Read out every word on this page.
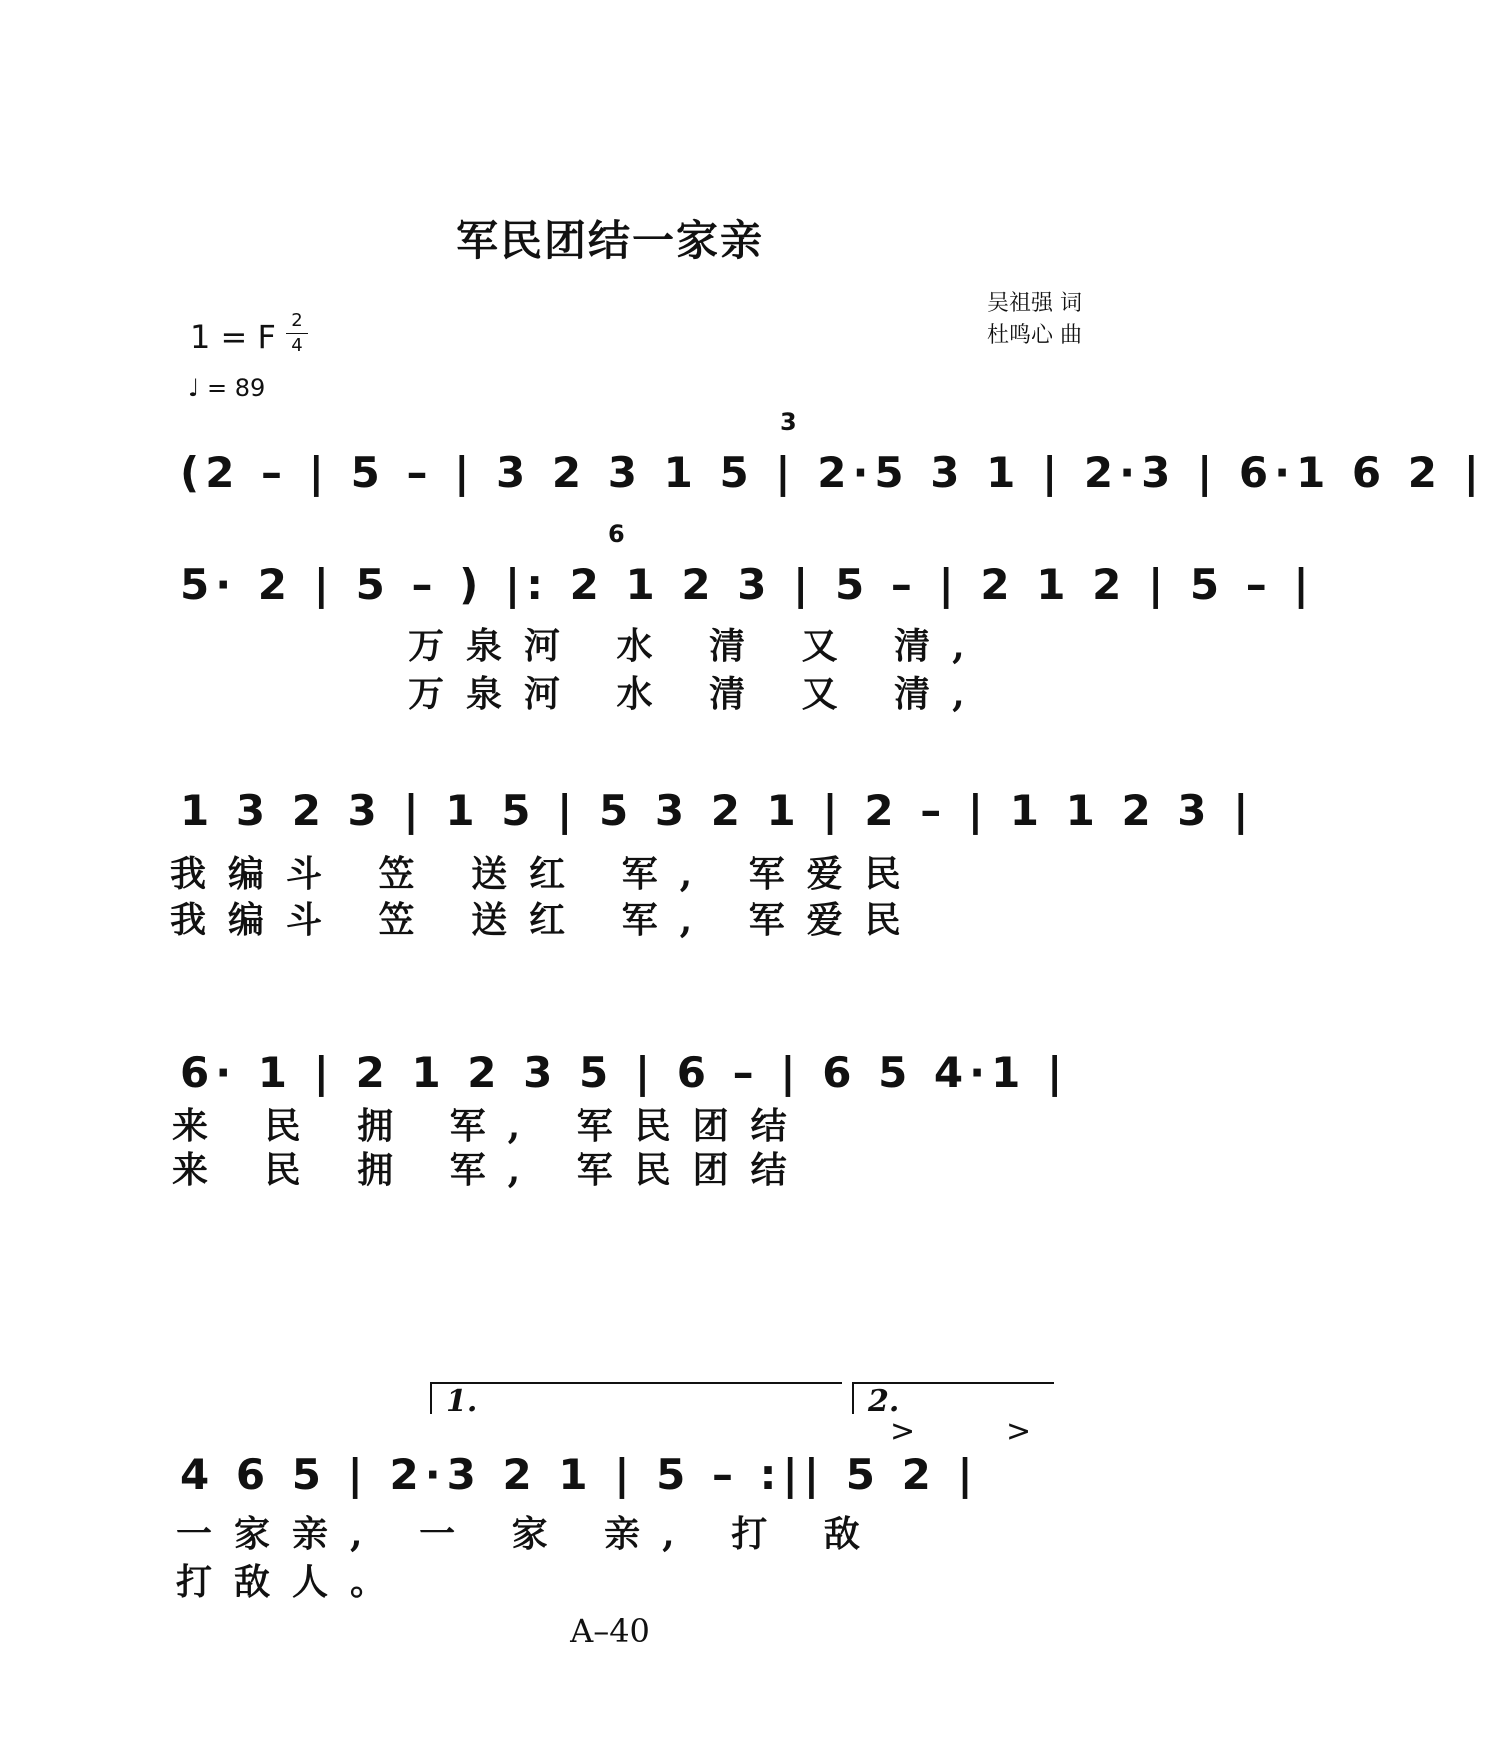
军民团结一家亲
1 = F 2
4
♩ = 89
吴祖强 词
杜鸣心 曲
(2 – | 5 – | 3 2 3 1 5 | 2·5 3 1 | 2·3 | 6·1 6 2 |
3
5· 2 | 5 – ) |: 2 1 2 3 | 5 – | 2 1 2 | 5 – |
6
万泉河 水 清 又 清,
万泉河 水 清 又 清,
1 3 2 3 | 1 5 | 5 3 2 1 | 2 – | 1 1 2 3 |
我编斗 笠 送红 军, 军爱民
我编斗 笠 送红 军, 军爱民
6· 1 | 2 1 2 3 5 | 6 – | 6 5 4·1 |
来 民 拥 军, 军民团结
来 民 拥 军, 军民团结
1.	2.
>	>
4 6 5 | 2·3 2 1 | 5 – :|| 5 2 |
一家亲, 一 家 亲, 打 敌
打敌人。
A–40
